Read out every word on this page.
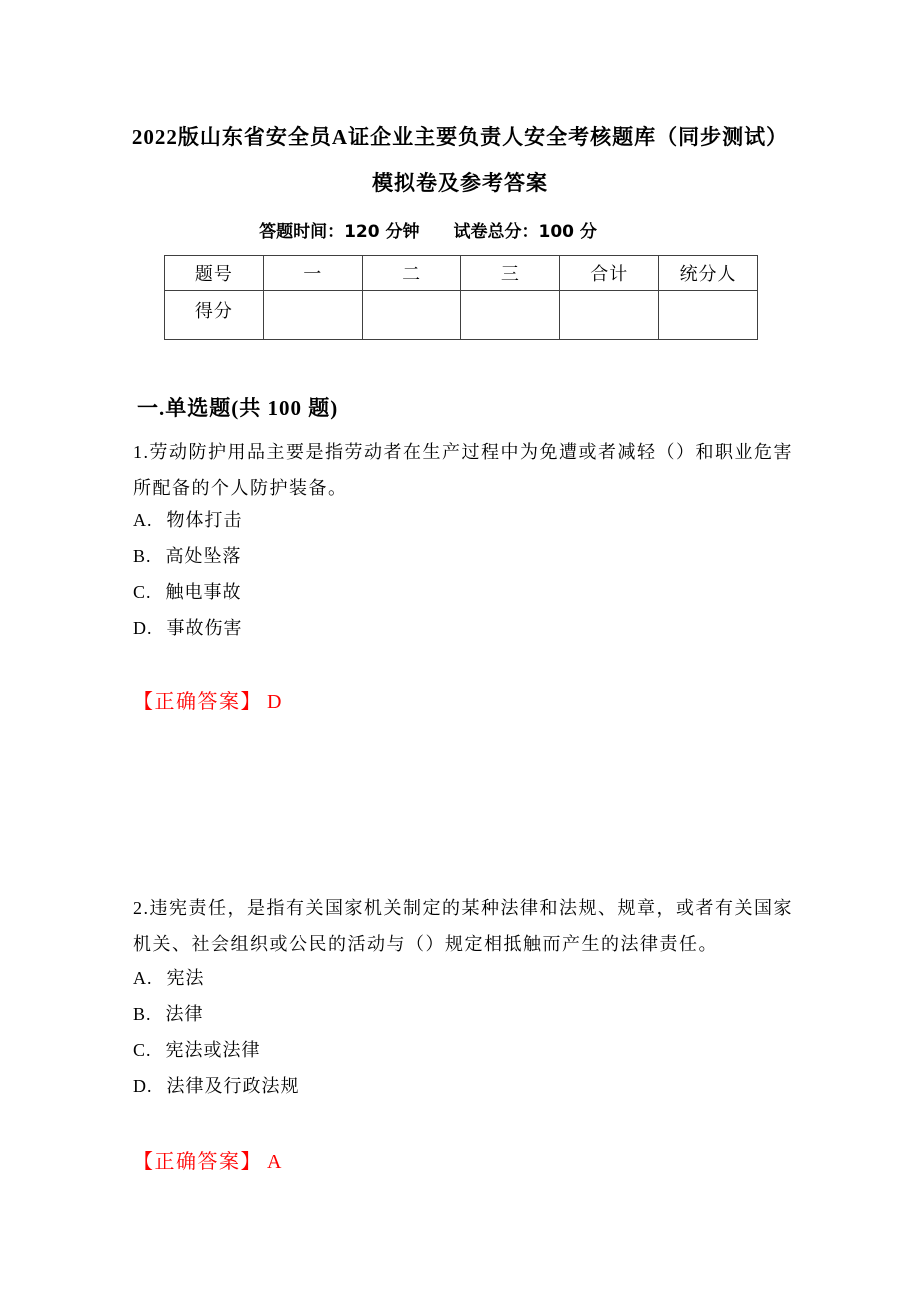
2022版山东省安全员A证企业主要负责人安全考核题库（同步测试）模拟卷及参考答案
答题时间：120 分钟 试卷总分：100 分
题号	一	二	三	合计	统分人
得分					
一.单选题(共 100 题)

1.劳动防护用品主要是指劳动者在生产过程中为免遭或者减轻（）和职业危害所配备的个人防护装备。

A. 物体打击
B. 高处坠落
C. 触电事故
D. 事故伤害

【正确答案】 D

2.违宪责任，是指有关国家机关制定的某种法律和法规、规章，或者有关国家机关、社会组织或公民的活动与（）规定相抵触而产生的法律责任。

A. 宪法
B. 法律
C. 宪法或法律
D. 法律及行政法规

【正确答案】 A
